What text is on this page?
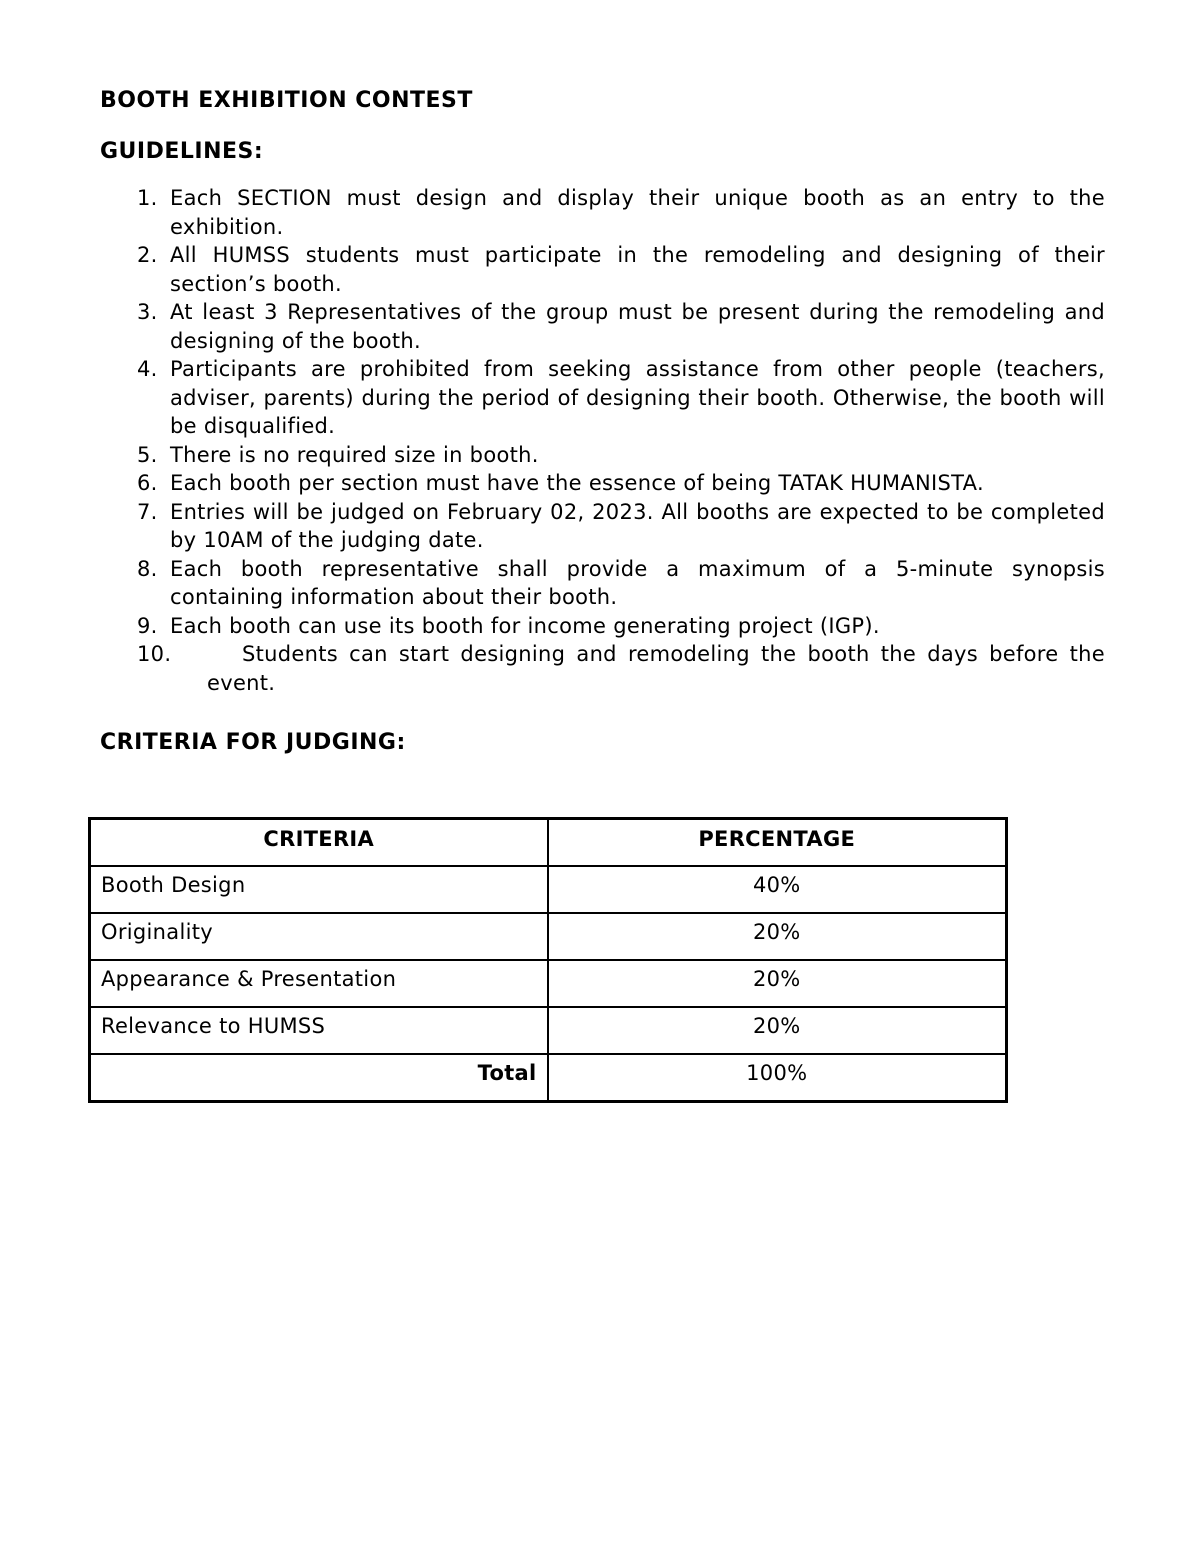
BOOTH EXHIBITION CONTEST
GUIDELINES:
1. Each SECTION must design and display their unique booth as an entry to the exhibition.
2. All HUMSS students must participate in the remodeling and designing of their section’s booth.
3. At least 3 Representatives of the group must be present during the remodeling and designing of the booth.
4. Participants are prohibited from seeking assistance from other people (teachers, adviser, parents) during the period of designing their booth. Otherwise, the booth will be disqualified.
5. There is no required size in booth.
6. Each booth per section must have the essence of being TATAK HUMANISTA.
7. Entries will be judged on February 02, 2023. All booths are expected to be completed by 10AM of the judging date.
8. Each booth representative shall provide a maximum of a 5-minute synopsis containing information about their booth.
9. Each booth can use its booth for income generating project (IGP).
10.	Students can start designing and remodeling the booth the days before the event.
CRITERIA FOR JUDGING:
CRITERIA	PERCENTAGE
Booth Design	40%
Originality	20%
Appearance & Presentation	20%
Relevance to HUMSS	20%
Total	100%
